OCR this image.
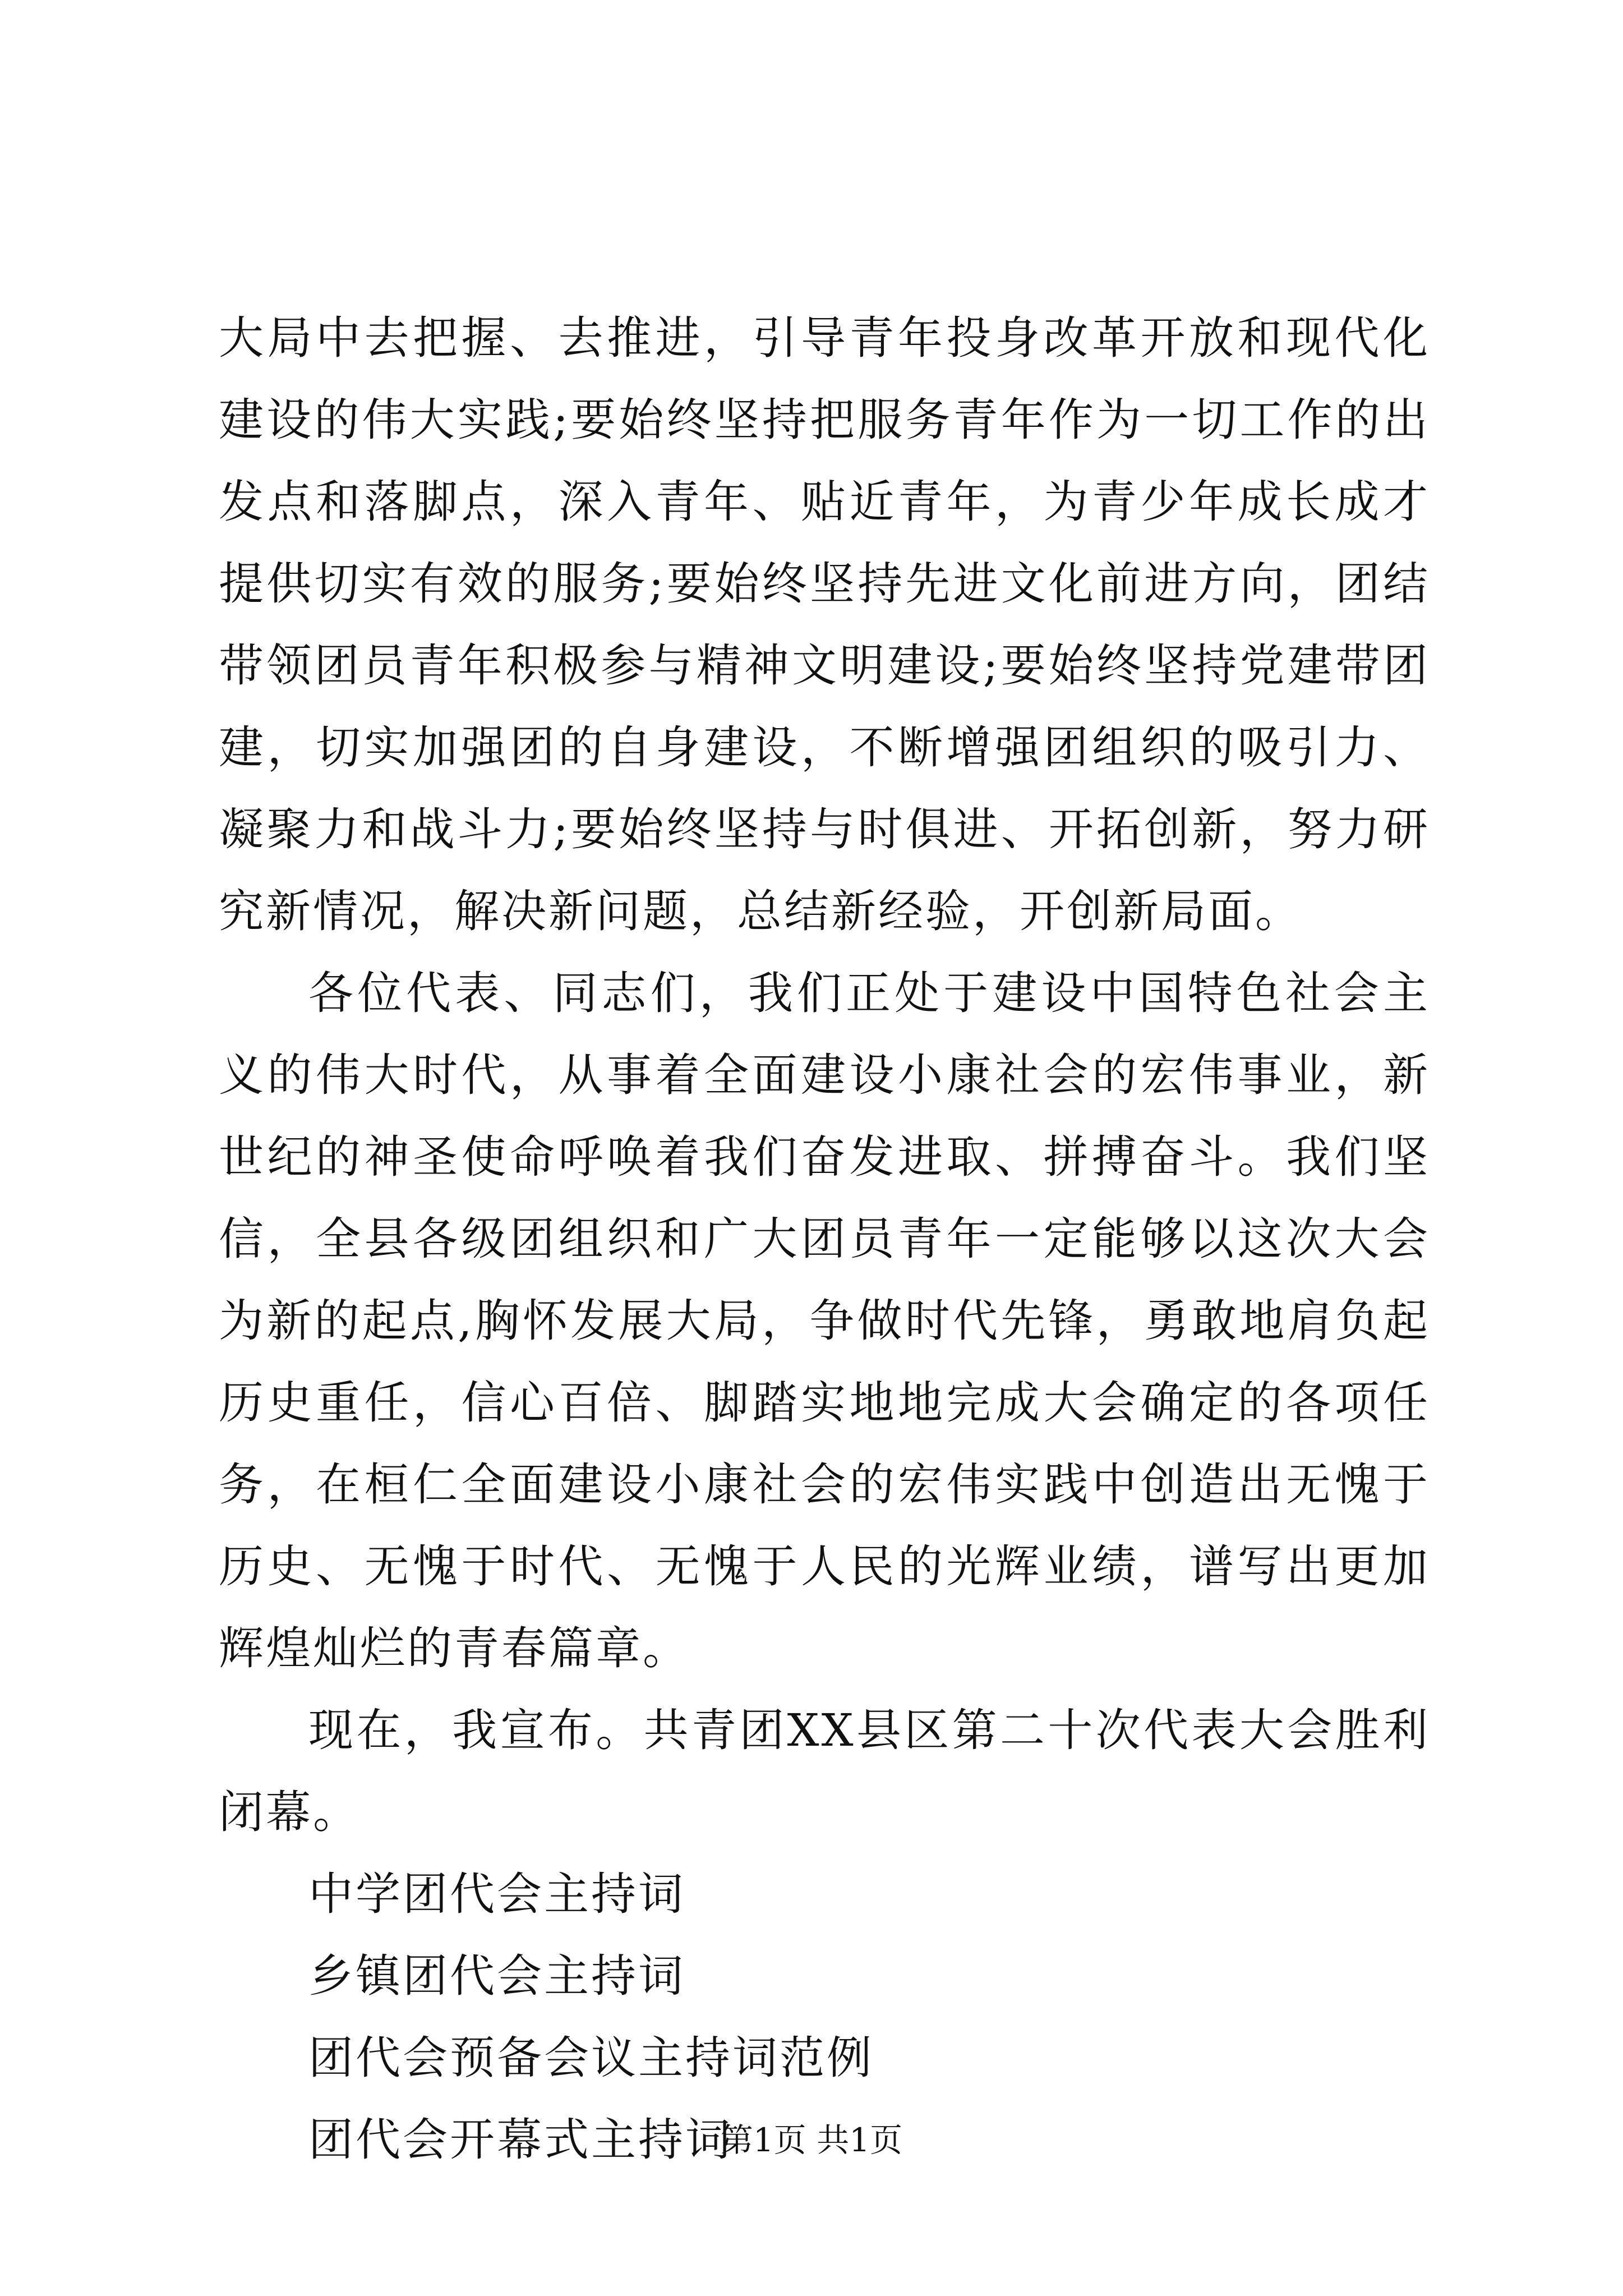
大局中去把握、去推进，引导青年投身改革开放和现代化建设的伟大实践;要始终坚持把服务青年作为一切工作的出发点和落脚点，深入青年、贴近青年，为青少年成长成才提供切实有效的服务;要始终坚持先进文化前进方向，团结带领团员青年积极参与精神文明建设;要始终坚持党建带团建，切实加强团的自身建设，不断增强团组织的吸引力、凝聚力和战斗力;要始终坚持与时俱进、开拓创新，努力研究新情况，解决新问题，总结新经验，开创新局面。

各位代表、同志们，我们正处于建设中国特色社会主义的伟大时代，从事着全面建设小康社会的宏伟事业，新世纪的神圣使命呼唤着我们奋发进取、拼搏奋斗。我们坚信，全县各级团组织和广大团员青年一定能够以这次大会为新的起点,胸怀发展大局，争做时代先锋，勇敢地肩负起历史重任，信心百倍、脚踏实地地完成大会确定的各项任务，在桓仁全面建设小康社会的宏伟实践中创造出无愧于历史、无愧于时代、无愧于人民的光辉业绩，谱写出更加辉煌灿烂的青春篇章。

现在，我宣布。共青团XX县区第二十次代表大会胜利闭幕。

中学团代会主持词
乡镇团代会主持词
团代会预备会议主持词范例
团代会开幕式主持词
第1页 共1页
